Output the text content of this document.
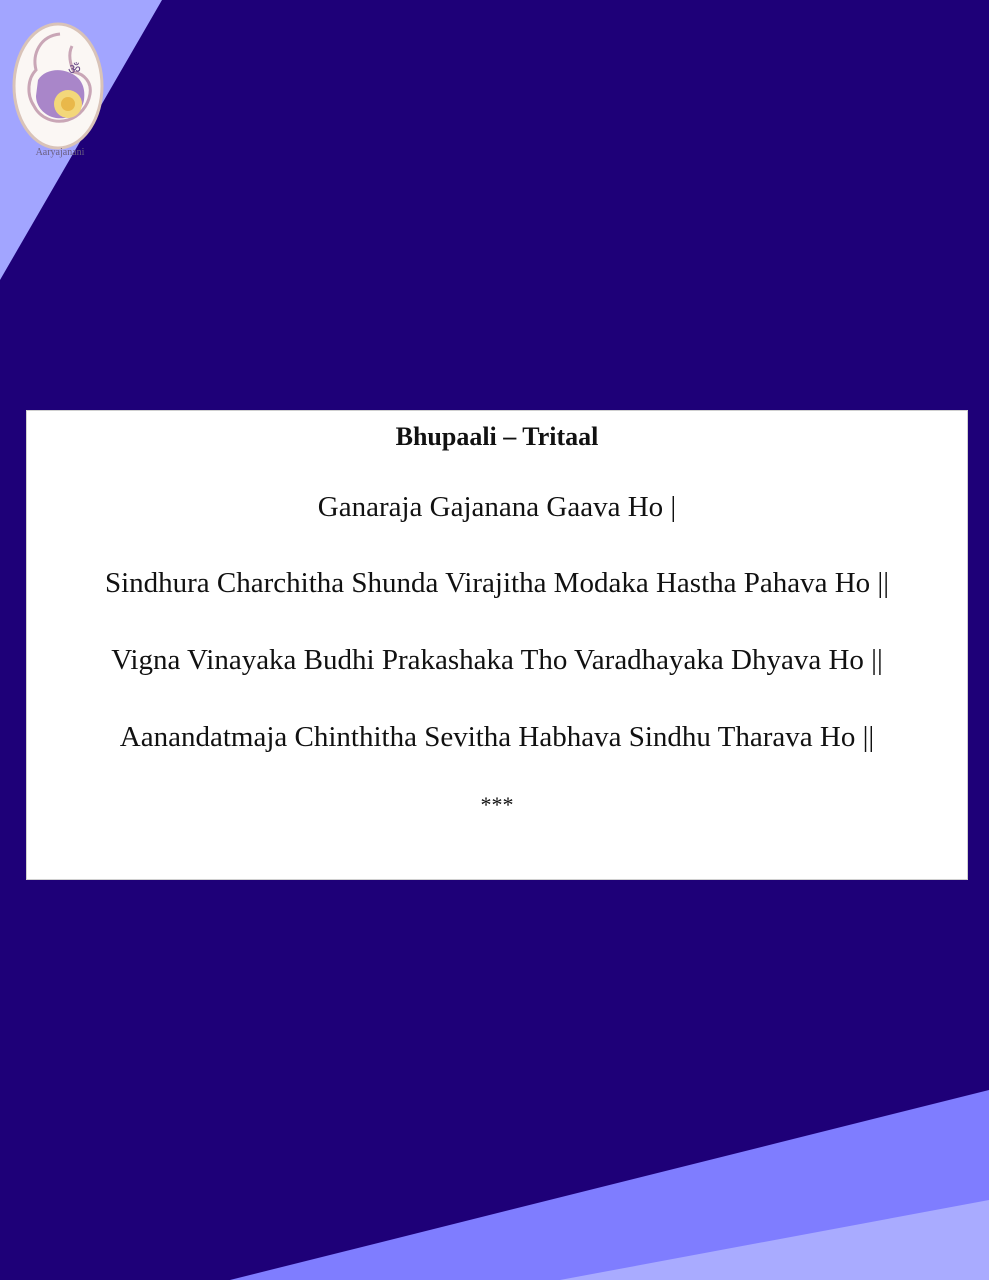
ॐ
Aaryajanani
Bhupaali – Tritaal
Ganaraja Gajanana Gaava Ho |
Sindhura Charchitha Shunda Virajitha Modaka Hastha Pahava Ho ||
Vigna Vinayaka Budhi Prakashaka Tho Varadhayaka Dhyava Ho ||
Aanandatmaja Chinthitha Sevitha Habhava Sindhu Tharava Ho ||
***
